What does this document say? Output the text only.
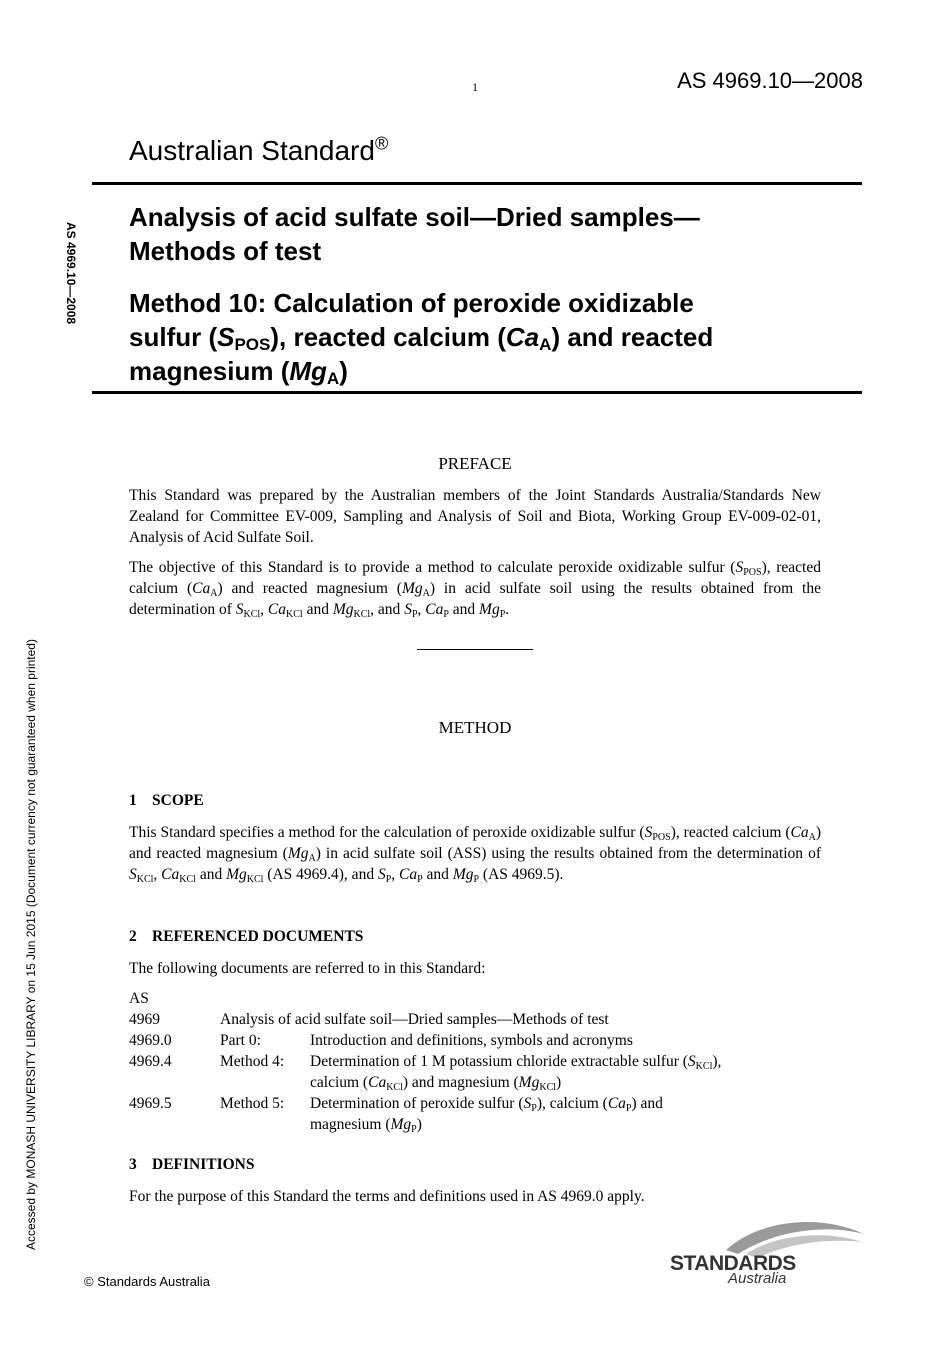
1	AS 4969.10—2008
Australian Standard®
AS 4969.10—2008
Accessed by MONASH UNIVERSITY LIBRARY on 15 Jun 2015 (Document currency not guaranteed when printed)
Analysis of acid sulfate soil—Dried samples—
Methods of test
Method 10: Calculation of peroxide oxidizable
sulfur $(S_{POS})$, reacted calcium $(Ca_A)$ and reacted
magnesium $(Mg_A)$
PREFACE
This Standard was prepared by the Australian members of the Joint Standards Australia/Standards New Zealand for Committee EV-009, Sampling and Analysis of Soil and Biota, Working Group EV-009-02-01, Analysis of Acid Sulfate Soil.
The objective of this Standard is to provide a method to calculate peroxide oxidizable sulfur $(S_{POS})$, reacted calcium $(Ca_A)$ and reacted magnesium $(Mg_A)$ in acid sulfate soil using the results obtained from the determination of $S_{KCl}$, $Ca_{KCl}$ and $Mg_{KCl}$, and $S_P$, $Ca_P$ and $Mg_P$.
METHOD
1 SCOPE
This Standard specifies a method for the calculation of peroxide oxidizable sulfur $(S_{POS})$, reacted calcium $(Ca_A)$ and reacted magnesium $(Mg_A)$ in acid sulfate soil (ASS) using the results obtained from the determination of $S_{KCl}$, $Ca_{KCl}$ and $Mg_{KCl}$ (AS 4969.4), and $S_P$, $Ca_P$ and $Mg_P$ (AS 4969.5).
2 REFERENCED DOCUMENTS
The following documents are referred to in this Standard:
AS
4969	Analysis of acid sulfate soil—Dried samples—Methods of test

4969.0	Part 0:	Introduction and definitions, symbols and acronyms
4969.4	Method 4: Determination of 1 M potassium chloride extractable sulfur $(S_{KCl})$,
calcium $(Ca_{KCl})$ and magnesium $(Mg_{KCl})$
4969.5	Method 5: Determination of peroxide sulfur $(S_P)$, calcium $(Ca_P)$ and
magnesium $(Mg_P)$
3 DEFINITIONS
For the purpose of this Standard the terms and definitions used in AS 4969.0 apply.
© Standards Australia
STANDARDS
Australia
